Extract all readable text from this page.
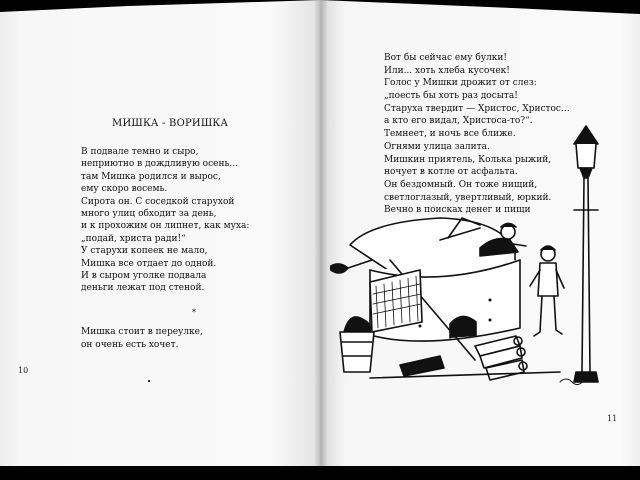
МИШКА - ВОРИШКА
В подвале темно и сыро,
неприютно в дождливую осень...
там Мишка родился и вырос,
ему скоро восемь.
Сирота он. С соседкой старухой
много улиц обходит за день,
и к прохожим он липнет, как муха:
„подай, христа ради!“
У старухи копеек не мало,
Мишка все отдает до одной.
И в сыром уголке подвала
деньги лежат под стеной.
*
Мишка стоит в переулке,
он очень есть хочет.
10
Вот бы сейчас ему булки!
Или... хоть хлеба кусочек!
Голос у Мишки дрожит от слез:
„поесть бы хоть раз досыта!
Старуха твердит — Христос, Христос...
а кто его видал, Христоса-то?“.
Темнеет, и ночь все ближе.
Огнями улица залита.
Мишкин приятель, Колька рыжий,
ночует в котле от асфальта.
Он бездомный. Он тоже нищий,
светлоглазый, увертливый, юркий.
Вечно в поисках денег и пищи
11
